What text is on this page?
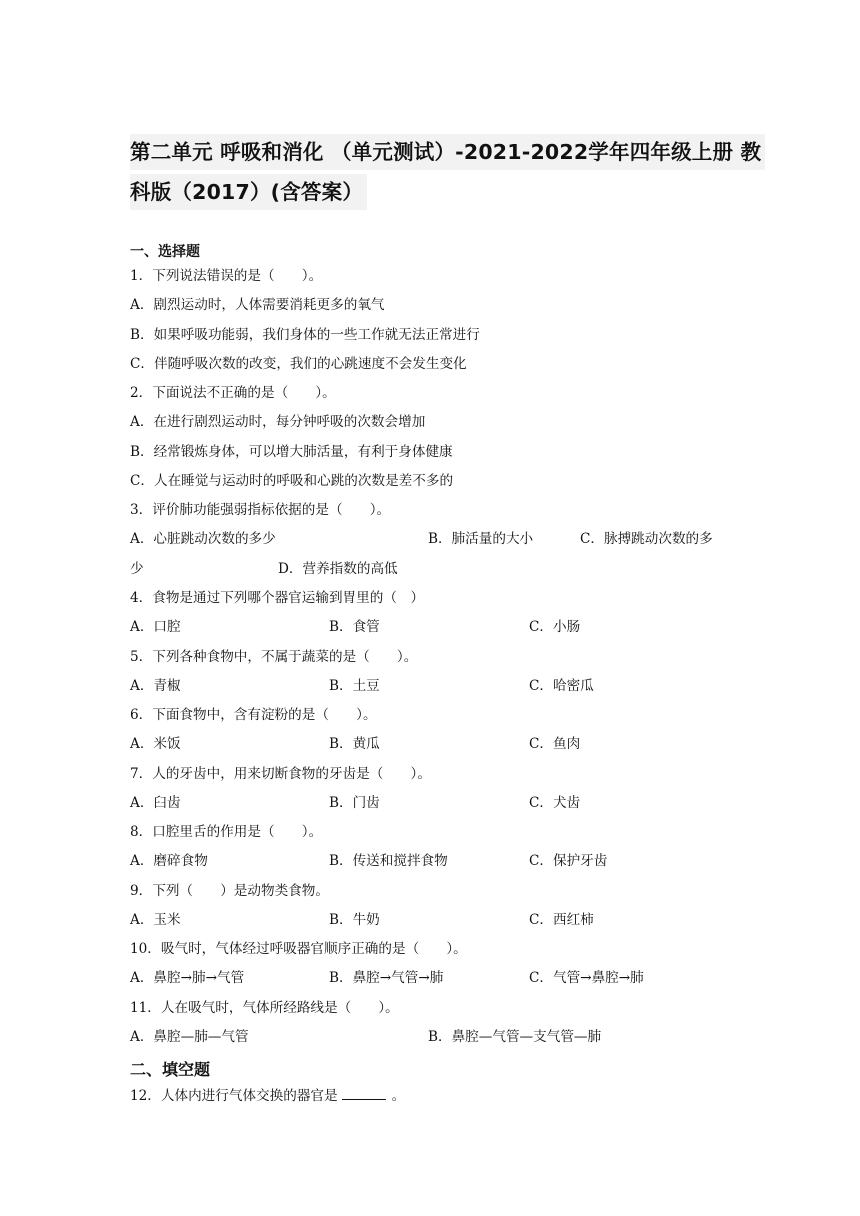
第二单元 呼吸和消化 （单元测试）-2021-2022学年四年级上册 教
科版（2017）(含答案）
一、选择题
1．下列说法错误的是（　　）。
A．剧烈运动时，人体需要消耗更多的氧气
B．如果呼吸功能弱，我们身体的一些工作就无法正常进行
C．伴随呼吸次数的改变，我们的心跳速度不会发生变化
2．下面说法不正确的是（　　）。
A．在进行剧烈运动时，每分钟呼吸的次数会增加
B．经常锻炼身体，可以增大肺活量，有利于身体健康
C．人在睡觉与运动时的呼吸和心跳的次数是差不多的
3．评价肺功能强弱指标依据的是（　　）。
A．心脏跳动次数的多少	B．肺活量的大小	C．脉搏跳动次数的多
少	D．营养指数的高低
4．食物是通过下列哪个器官运输到胃里的（　）
A．口腔	B．食管	C．小肠
5．下列各种食物中，不属于蔬菜的是（　　）。
A．青椒	B．土豆	C．哈密瓜
6．下面食物中，含有淀粉的是（　　）。
A．米饭	B．黄瓜	C．鱼肉
7．人的牙齿中，用来切断食物的牙齿是（　　）。
A．臼齿	B．门齿	C．犬齿
8．口腔里舌的作用是（　　）。
A．磨碎食物	B．传送和搅拌食物	C．保护牙齿
9．下列（　　）是动物类食物。
A．玉米	B．牛奶	C．西红柿
10．吸气时，气体经过呼吸器官顺序正确的是（　　）。
A．鼻腔→肺→气管	B．鼻腔→气管→肺	C．气管→鼻腔→肺
11．人在吸气时，气体所经路线是（　　）。
A．鼻腔—肺—气管	B．鼻腔—气管—支气管—肺
二、填空题
12．人体内进行气体交换的器官是	。
